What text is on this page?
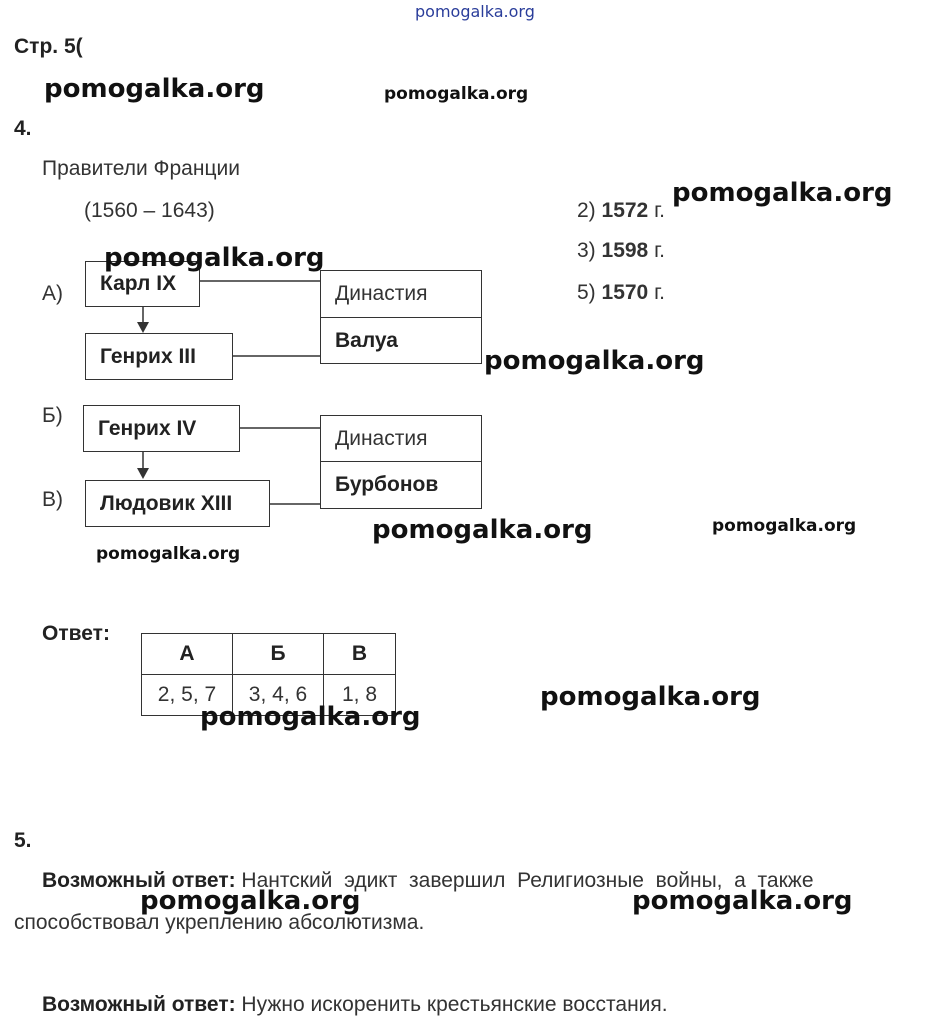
pomogalka.org
Стр. 5(
pomogalka.org	pomogalka.org
pomogalka.org
pomogalka.org
pomogalka.org	pomogalka.org
pomogalka.org
pomogalka.org
4.
Правители Франции
(1560 – 1643)	2) 1572 г.
3) 1598 г.
5) 1570 г.
А)
Б)
В)
Карл IX
Генрих III
Генрих IV
Людовик XIII
Династия
Валуа
Династия
Бурбонов
pomogalka.org
Ответ:
А	Б	В
2, 5, 7	3, 4, 6	1, 8
pomogalka.org
5.
Возможный ответ: Нантский  эдикт  завершил  Религиозные  войны,  а  также
способствовал укреплению абсолютизма.
pomogalka.org	pomogalka.org
Возможный ответ: Нужно искоренить крестьянские восстания.
